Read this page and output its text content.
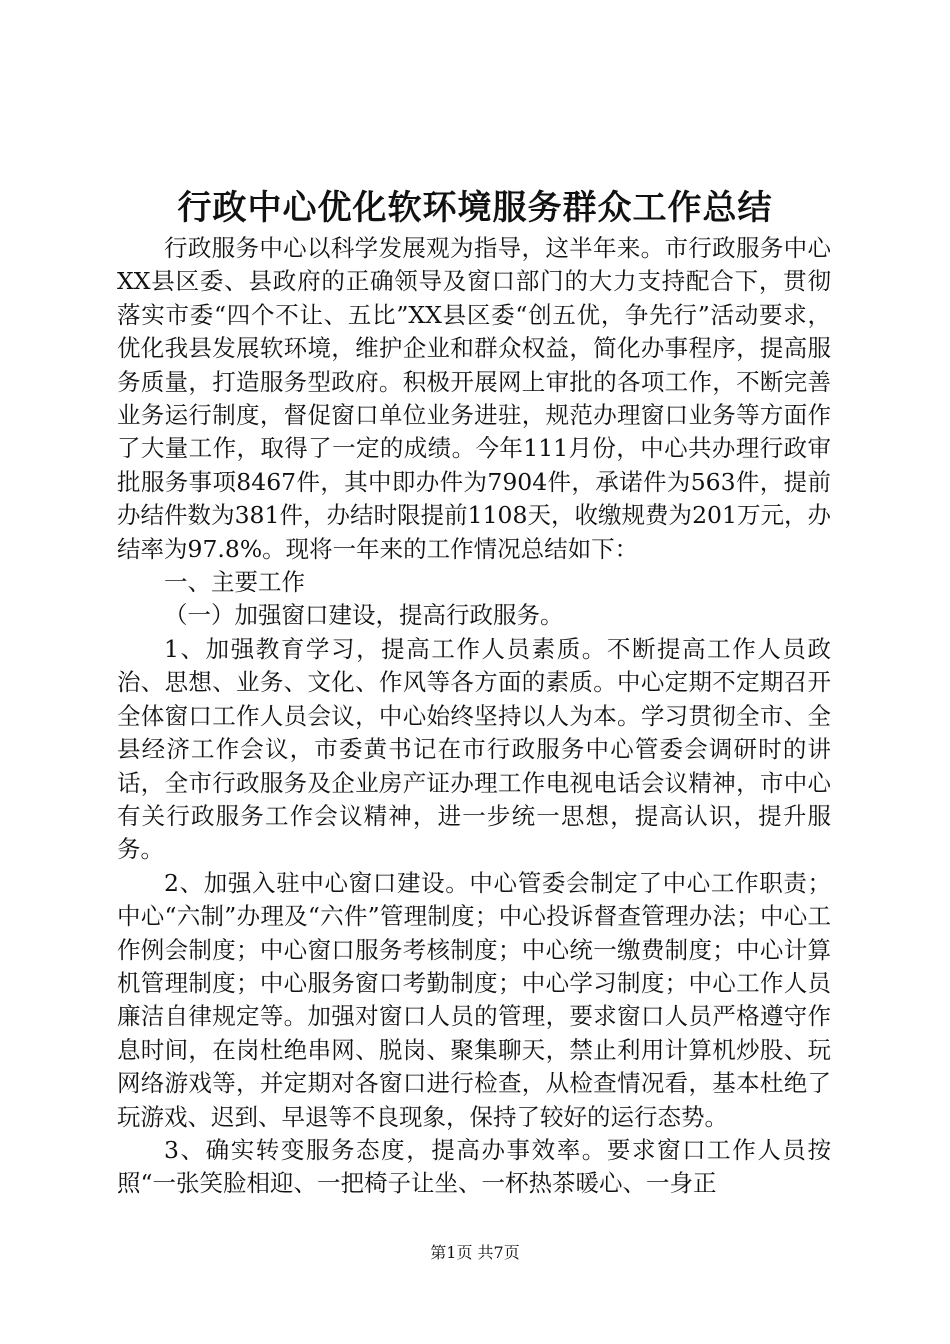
行政中心优化软环境服务群众工作总结

行政服务中心以科学发展观为指导，这半年来。市行政服务中心XX县区委、县政府的正确领导及窗口部门的大力支持配合下，贯彻落实市委“四个不让、五比”XX县区委“创五优，争先行”活动要求，优化我县发展软环境，维护企业和群众权益，简化办事程序，提高服务质量，打造服务型政府。积极开展网上审批的各项工作，不断完善业务运行制度，督促窗口单位业务进驻，规范办理窗口业务等方面作了大量工作，取得了一定的成绩。今年111月份，中心共办理行政审批服务事项8467件，其中即办件为7904件，承诺件为563件，提前办结件数为381件，办结时限提前1108天，收缴规费为201万元，办结率为97.8%。现将一年来的工作情况总结如下：

一、主要工作

（一）加强窗口建设，提高行政服务。

1、加强教育学习，提高工作人员素质。不断提高工作人员政治、思想、业务、文化、作风等各方面的素质。中心定期不定期召开全体窗口工作人员会议，中心始终坚持以人为本。学习贯彻全市、全县经济工作会议，市委黄书记在市行政服务中心管委会调研时的讲话，全市行政服务及企业房产证办理工作电视电话会议精神，市中心有关行政服务工作会议精神，进一步统一思想，提高认识，提升服务。

2、加强入驻中心窗口建设。中心管委会制定了中心工作职责；中心“六制”办理及“六件”管理制度；中心投诉督查管理办法；中心工作例会制度；中心窗口服务考核制度；中心统一缴费制度；中心计算机管理制度；中心服务窗口考勤制度；中心学习制度；中心工作人员廉洁自律规定等。加强对窗口人员的管理，要求窗口人员严格遵守作息时间，在岗杜绝串网、脱岗、聚集聊天，禁止利用计算机炒股、玩网络游戏等，并定期对各窗口进行检查，从检查情况看，基本杜绝了玩游戏、迟到、早退等不良现象，保持了较好的运行态势。

3、确实转变服务态度，提高办事效率。要求窗口工作人员按照“一张笑脸相迎、一把椅子让坐、一杯热茶暖心、一身正

第1页 共7页
